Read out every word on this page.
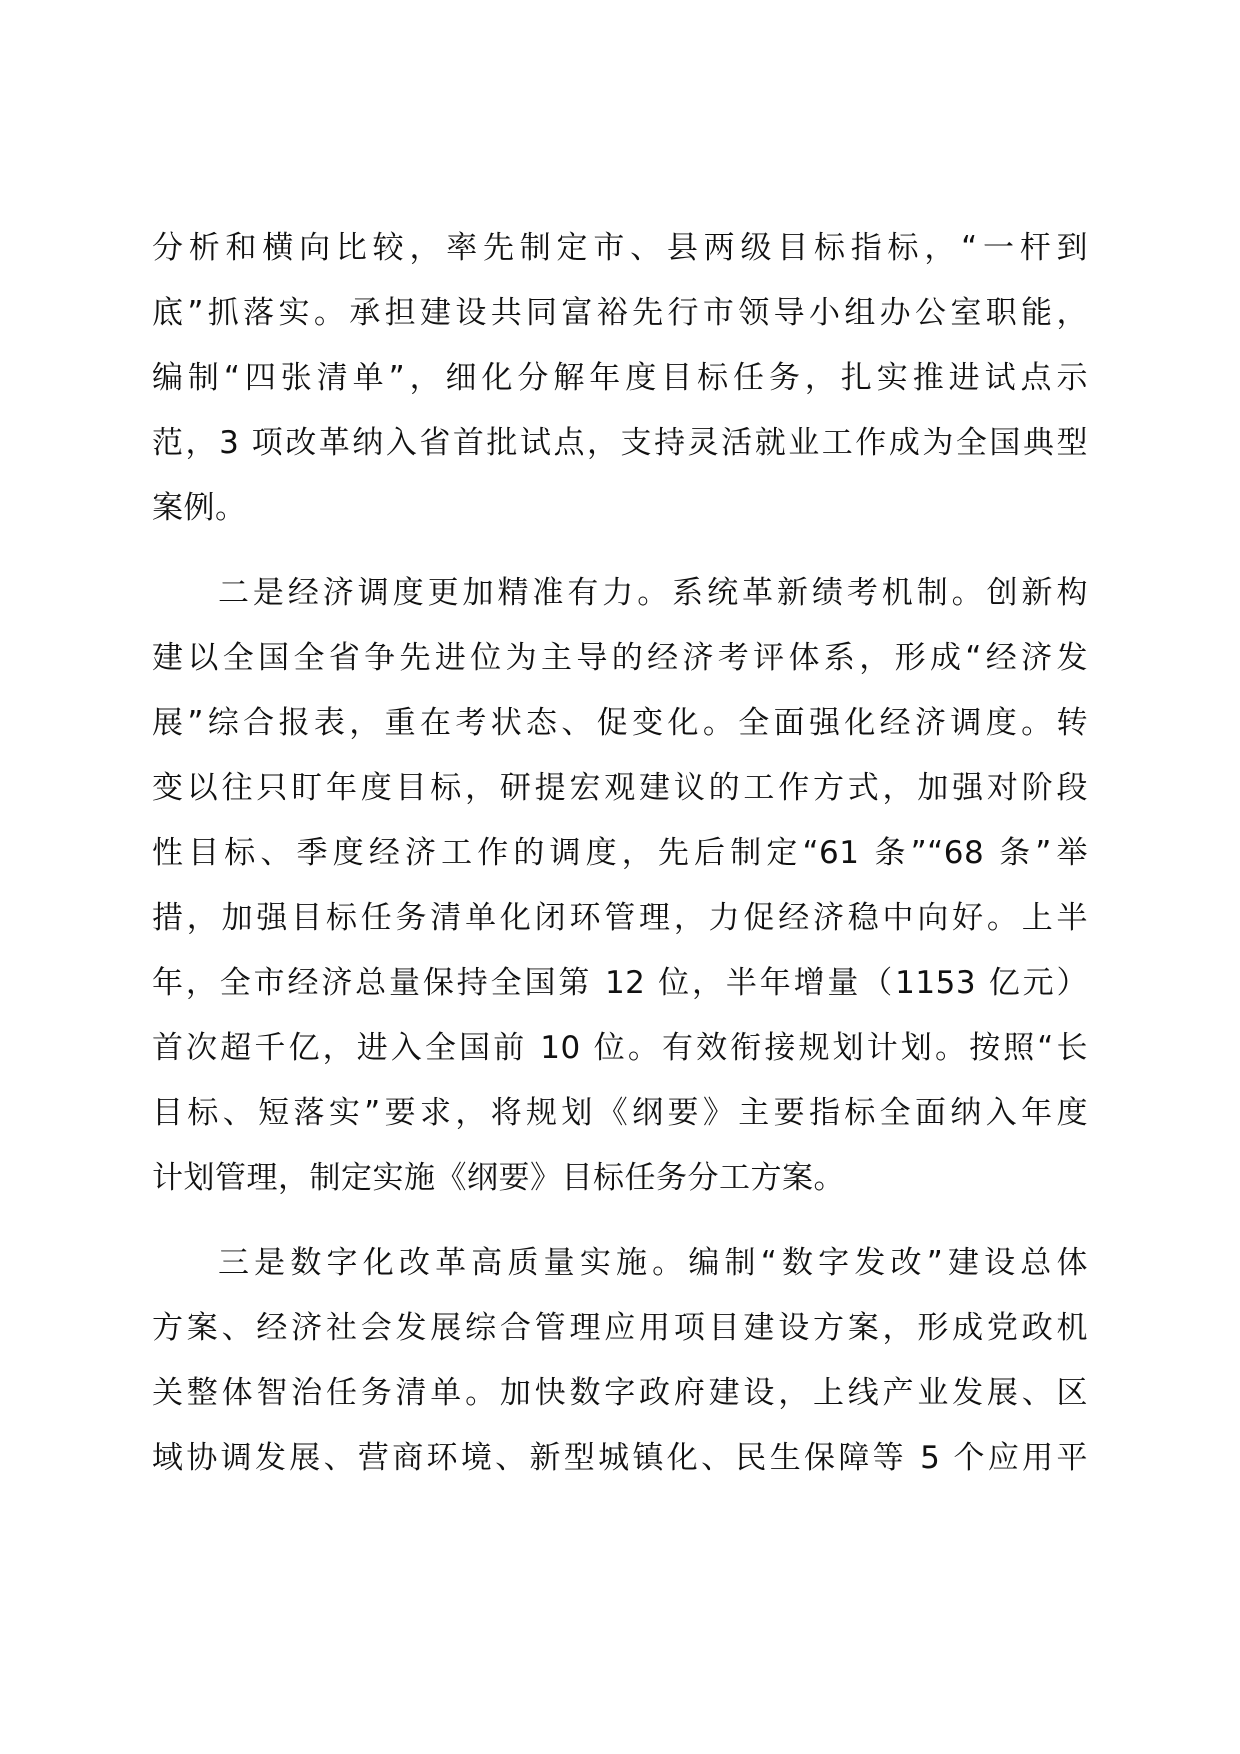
分析和横向比较，率先制定市、县两级目标指标，“一杆到
底”抓落实。承担建设共同富裕先行市领导小组办公室职能，
编制“四张清单”，细化分解年度目标任务，扎实推进试点示
范，3 项改革纳入省首批试点，支持灵活就业工作成为全国典型
案例。

二是经济调度更加精准有力。系统革新绩考机制。创新构
建以全国全省争先进位为主导的经济考评体系，形成“经济发
展”综合报表，重在考状态、促变化。全面强化经济调度。转
变以往只盯年度目标，研提宏观建议的工作方式，加强对阶段
性目标、季度经济工作的调度，先后制定“61 条”“68 条”举
措，加强目标任务清单化闭环管理，力促经济稳中向好。上半
年，全市经济总量保持全国第 12 位，半年增量（1153 亿元）
首次超千亿，进入全国前 10 位。有效衔接规划计划。按照“长
目标、短落实”要求，将规划《纲要》主要指标全面纳入年度
计划管理，制定实施《纲要》目标任务分工方案。

三是数字化改革高质量实施。编制“数字发改”建设总体
方案、经济社会发展综合管理应用项目建设方案，形成党政机
关整体智治任务清单。加快数字政府建设，上线产业发展、区
域协调发展、营商环境、新型城镇化、民生保障等 5 个应用平
